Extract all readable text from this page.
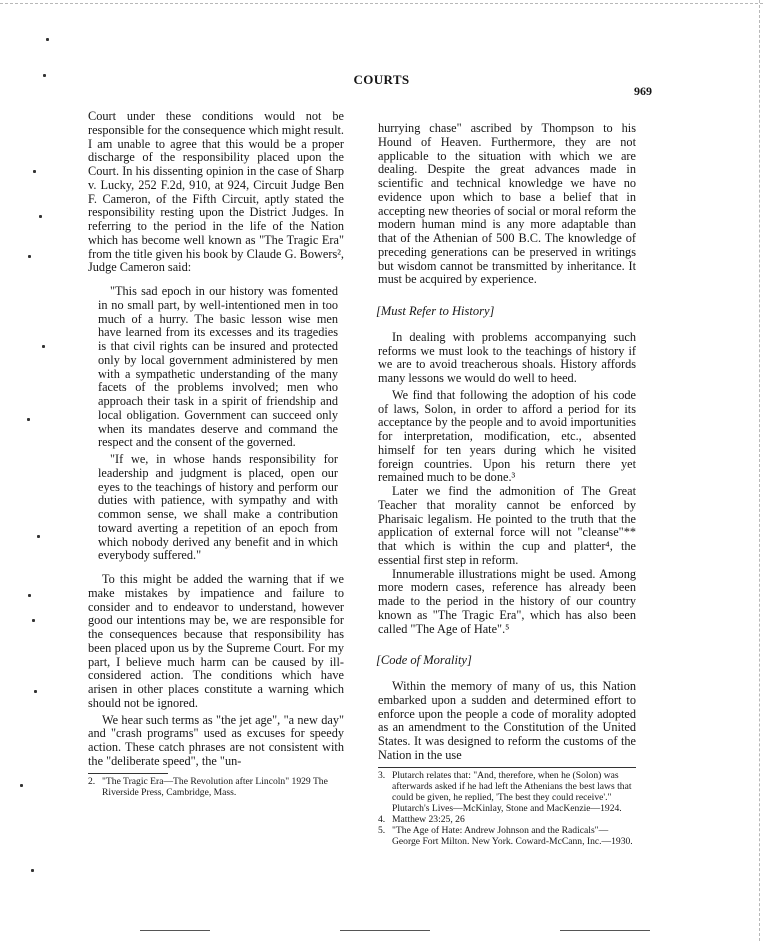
COURTS
969

Court under these conditions would not be responsible for the consequence which might result. I am unable to agree that this would be a proper discharge of the responsibility placed upon the Court. In his dissenting opinion in the case of Sharp v. Lucky, 252 F.2d, 910, at 924, Circuit Judge Ben F. Cameron, of the Fifth Circuit, aptly stated the responsibility resting upon the District Judges. In referring to the period in the life of the Nation which has become well known as "The Tragic Era" from the title given his book by Claude G. Bowers², Judge Cameron said:

"This sad epoch in our history was fomented in no small part, by well-intentioned men in too much of a hurry. The basic lesson wise men have learned from its excesses and its tragedies is that civil rights can be insured and protected only by local government administered by men with a sympathetic understanding of the many facets of the problems involved; men who approach their task in a spirit of friendship and local obligation. Government can succeed only when its mandates deserve and command the respect and the consent of the governed.

"If we, in whose hands responsibility for leadership and judgment is placed, open our eyes to the teachings of history and perform our duties with patience, with sympathy and with common sense, we shall make a contribution toward averting a repetition of an epoch from which nobody derived any benefit and in which everybody suffered."

To this might be added the warning that if we make mistakes by impatience and failure to consider and to endeavor to understand, however good our intentions may be, we are responsible for the consequences because that responsibility has been placed upon us by the Supreme Court. For my part, I believe much harm can be caused by ill-considered action. The conditions which have arisen in other places constitute a warning which should not be ignored.

We hear such terms as "the jet age", "a new day" and "crash programs" used as excuses for speedy action. These catch phrases are not consistent with the "deliberate speed", the "un-

2. "The Tragic Era—The Revolution after Lincoln" 1929 The Riverside Press, Cambridge, Mass.

hurrying chase" ascribed by Thompson to his Hound of Heaven. Furthermore, they are not applicable to the situation with which we are dealing. Despite the great advances made in scientific and technical knowledge we have no evidence upon which to base a belief that in accepting new theories of social or moral reform the modern human mind is any more adaptable than that of the Athenian of 500 B.C. The knowledge of preceding generations can be preserved in writings but wisdom cannot be transmitted by inheritance. It must be acquired by experience.

[Must Refer to History]

In dealing with problems accompanying such reforms we must look to the teachings of history if we are to avoid treacherous shoals. History affords many lessons we would do well to heed.

We find that following the adoption of his code of laws, Solon, in order to afford a period for its acceptance by the people and to avoid importunities for interpretation, modification, etc., absented himself for ten years during which he visited foreign countries. Upon his return there yet remained much to be done.³

Later we find the admonition of The Great Teacher that morality cannot be enforced by Pharisaic legalism. He pointed to the truth that the application of external force will not "cleanse"** that which is within the cup and platter⁴, the essential first step in reform.

Innumerable illustrations might be used. Among more modern cases, reference has already been made to the period in the history of our country known as "The Tragic Era", which has also been called "The Age of Hate".⁵

[Code of Morality]

Within the memory of many of us, this Nation embarked upon a sudden and determined effort to enforce upon the people a code of morality adopted as an amendment to the Constitution of the United States. It was designed to reform the customs of the Nation in the use

3. Plutarch relates that: "And, therefore, when he (Solon) was afterwards asked if he had left the Athenians the best laws that could be given, he replied, 'The best they could receive'." Plutarch's Lives—McKinlay, Stone and MacKenzie—1924.
4. Matthew 23:25, 26
5. "The Age of Hate: Andrew Johnson and the Radicals"—George Fort Milton. New York. Coward-McCann, Inc.—1930.
